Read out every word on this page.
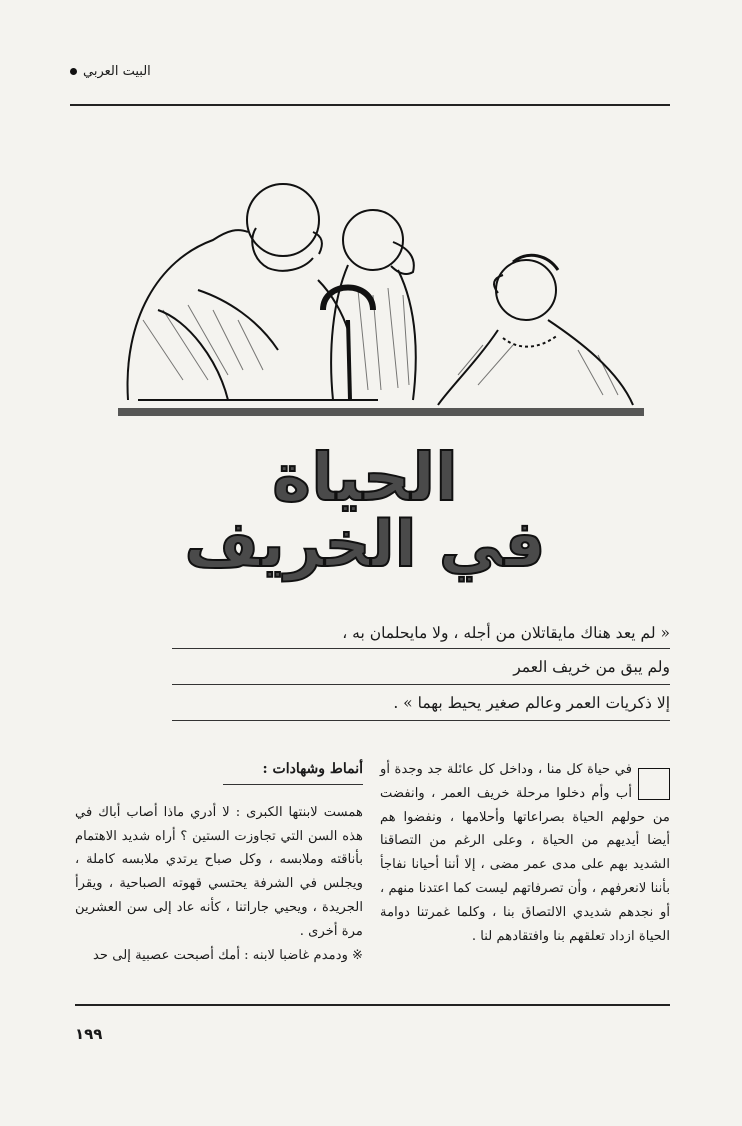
البيت العربي
الحياة
في الخريف
« لم يعد هناك مايقاتلان من أجله ، ولا مايحلمان به ،
ولم يبق من خريف العمر
إلا ذكريات العمر وعالم صغير يحيط بهما » .
في حياة كل منا ، وداخل كل عائلة جد وجدة أو أب وأم دخلوا مرحلة خريف العمر ، وانفضت من حولهم الحياة بصراعاتها وأحلامها ، ونفضوا هم أيضا أيديهم من الحياة ، وعلى الرغم من التصاقنا الشديد بهم على مدى عمر مضى ، إلا أننا أحيانا نفاجأ بأننا لانعرفهم ، وأن تصرفاتهم ليست كما اعتدنا منهم ، أو نجدهم شديدي الالتصاق بنا ، وكلما غمرتنا دوامة الحياة ازداد تعلقهم بنا وافتقادهم لنا .
أنماط وشهادات :
همست لابنتها الكبرى : لا أدري ماذا أصاب أباك في هذه السن التي تجاوزت الستين ؟ أراه شديد الاهتمام بأناقته وملابسه ، وكل صباح يرتدي ملابسه كاملة ، ويجلس في الشرفة يحتسي قهوته الصباحية ، ويقرأ الجريدة ، ويحيي جاراتنا ، كأنه عاد إلى سن العشرين مرة أخرى .
※ودمدم غاضبا لابنه : أمك أصبحت عصبية إلى حد
١٩٩
